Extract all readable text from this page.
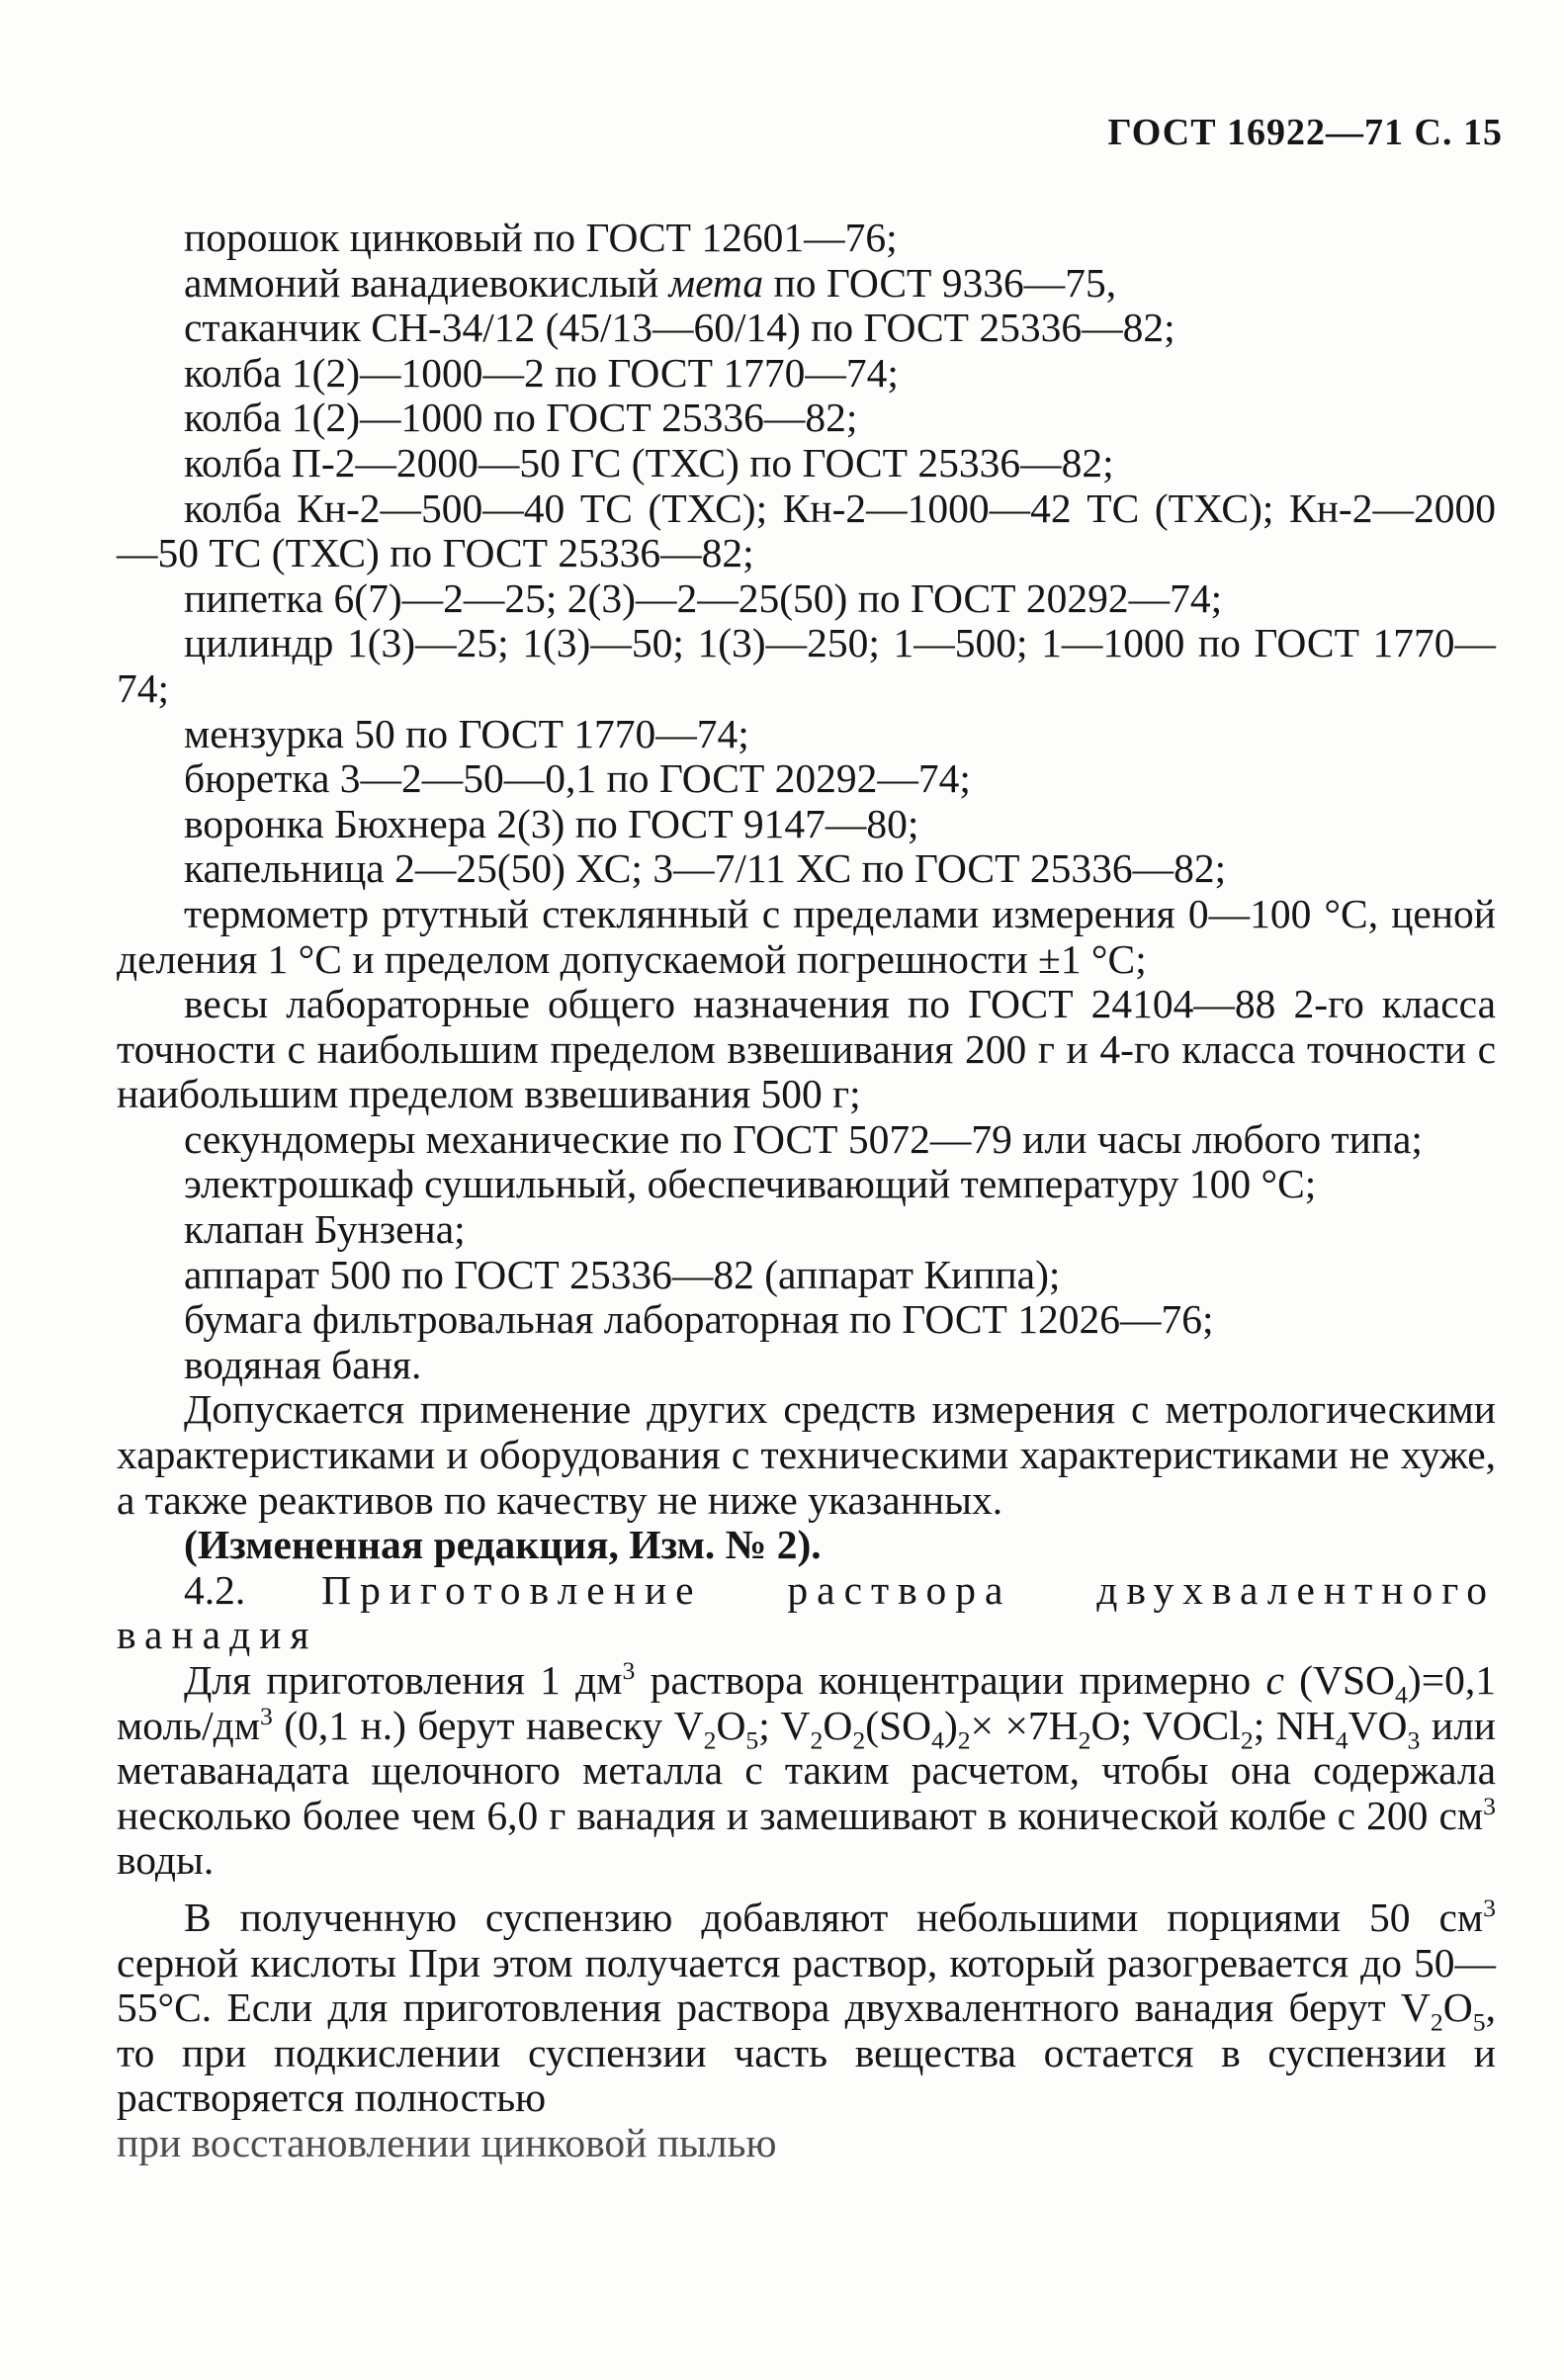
ГОСТ 16922—71 С. 15

порошок цинковый по ГОСТ 12601—76;

аммоний ванадиевокислый мета по ГОСТ 9336—75,

стаканчик СН-34/12 (45/13—60/14) по ГОСТ 25336—82;

колба 1(2)—1000—2 по ГОСТ 1770—74;

колба 1(2)—1000 по ГОСТ 25336—82;

колба П-2—2000—50 ГС (ТХС) по ГОСТ 25336—82;

колба Кн-2—500—40 ТС (ТХС); Кн-2—1000—42 ТС (ТХС); Кн-2—2000—50 ТС (ТХС) по ГОСТ 25336—82;

пипетка 6(7)—2—25; 2(3)—2—25(50) по ГОСТ 20292—74;

цилиндр 1(3)—25; 1(3)—50; 1(3)—250; 1—500; 1—1000 по ГОСТ 1770—74;

мензурка 50 по ГОСТ 1770—74;

бюретка 3—2—50—0,1 по ГОСТ 20292—74;

воронка Бюхнера 2(3) по ГОСТ 9147—80;

капельница 2—25(50) ХС; 3—7/11 ХС по ГОСТ 25336—82;

термометр ртутный стеклянный с пределами измерения 0—100 °С, ценой деления 1 °С и пределом допускаемой погрешности ±1 °С;

весы лабораторные общего назначения по ГОСТ 24104—88 2-го класса точности с наибольшим пределом взвешивания 200 г и 4-го класса точности с наибольшим пределом взвешивания 500 г;

секундомеры механические по ГОСТ 5072—79 или часы любого типа;

электрошкаф сушильный, обеспечивающий температуру 100 °С;

клапан Бунзена;

аппарат 500 по ГОСТ 25336—82 (аппарат Киппа);

бумага фильтровальная лабораторная по ГОСТ 12026—76;

водяная баня.

Допускается применение других средств измерения с метрологическими характеристиками и оборудования с техническими характеристиками не хуже, а также реактивов по качеству не ниже указанных.

(Измененная редакция, Изм. № 2).

4.2. Приготовление раствора двухвалентного ванадия

Для приготовления 1 $дм^3$ раствора концентрации примерно с $(VSO_4)=0,1$ моль/$дм^3$ (0,1 н.) берут навеску $V_2O_5$; $V_2O_2(SO_4)_2\times \times 7H_2O$; VOCl$_2$; $NH_4VO_3$ или метаванадата щелочного металла с таким расчетом, чтобы она содержала несколько более чем 6,0 г ванадия и замешивают в конической колбе с 200 $см^3$ воды.

В полученную суспензию добавляют небольшими порциями 50 $см^3$ серной кислоты При этом получается раствор, который разогревается до 50—55°С. Если для приготовления раствора двухвалентного ванадия берут $V_2O_5$, то при подкислении суспензии часть вещества остается в суспензии и растворяется полностью

при восстановлении цинковой пылью
